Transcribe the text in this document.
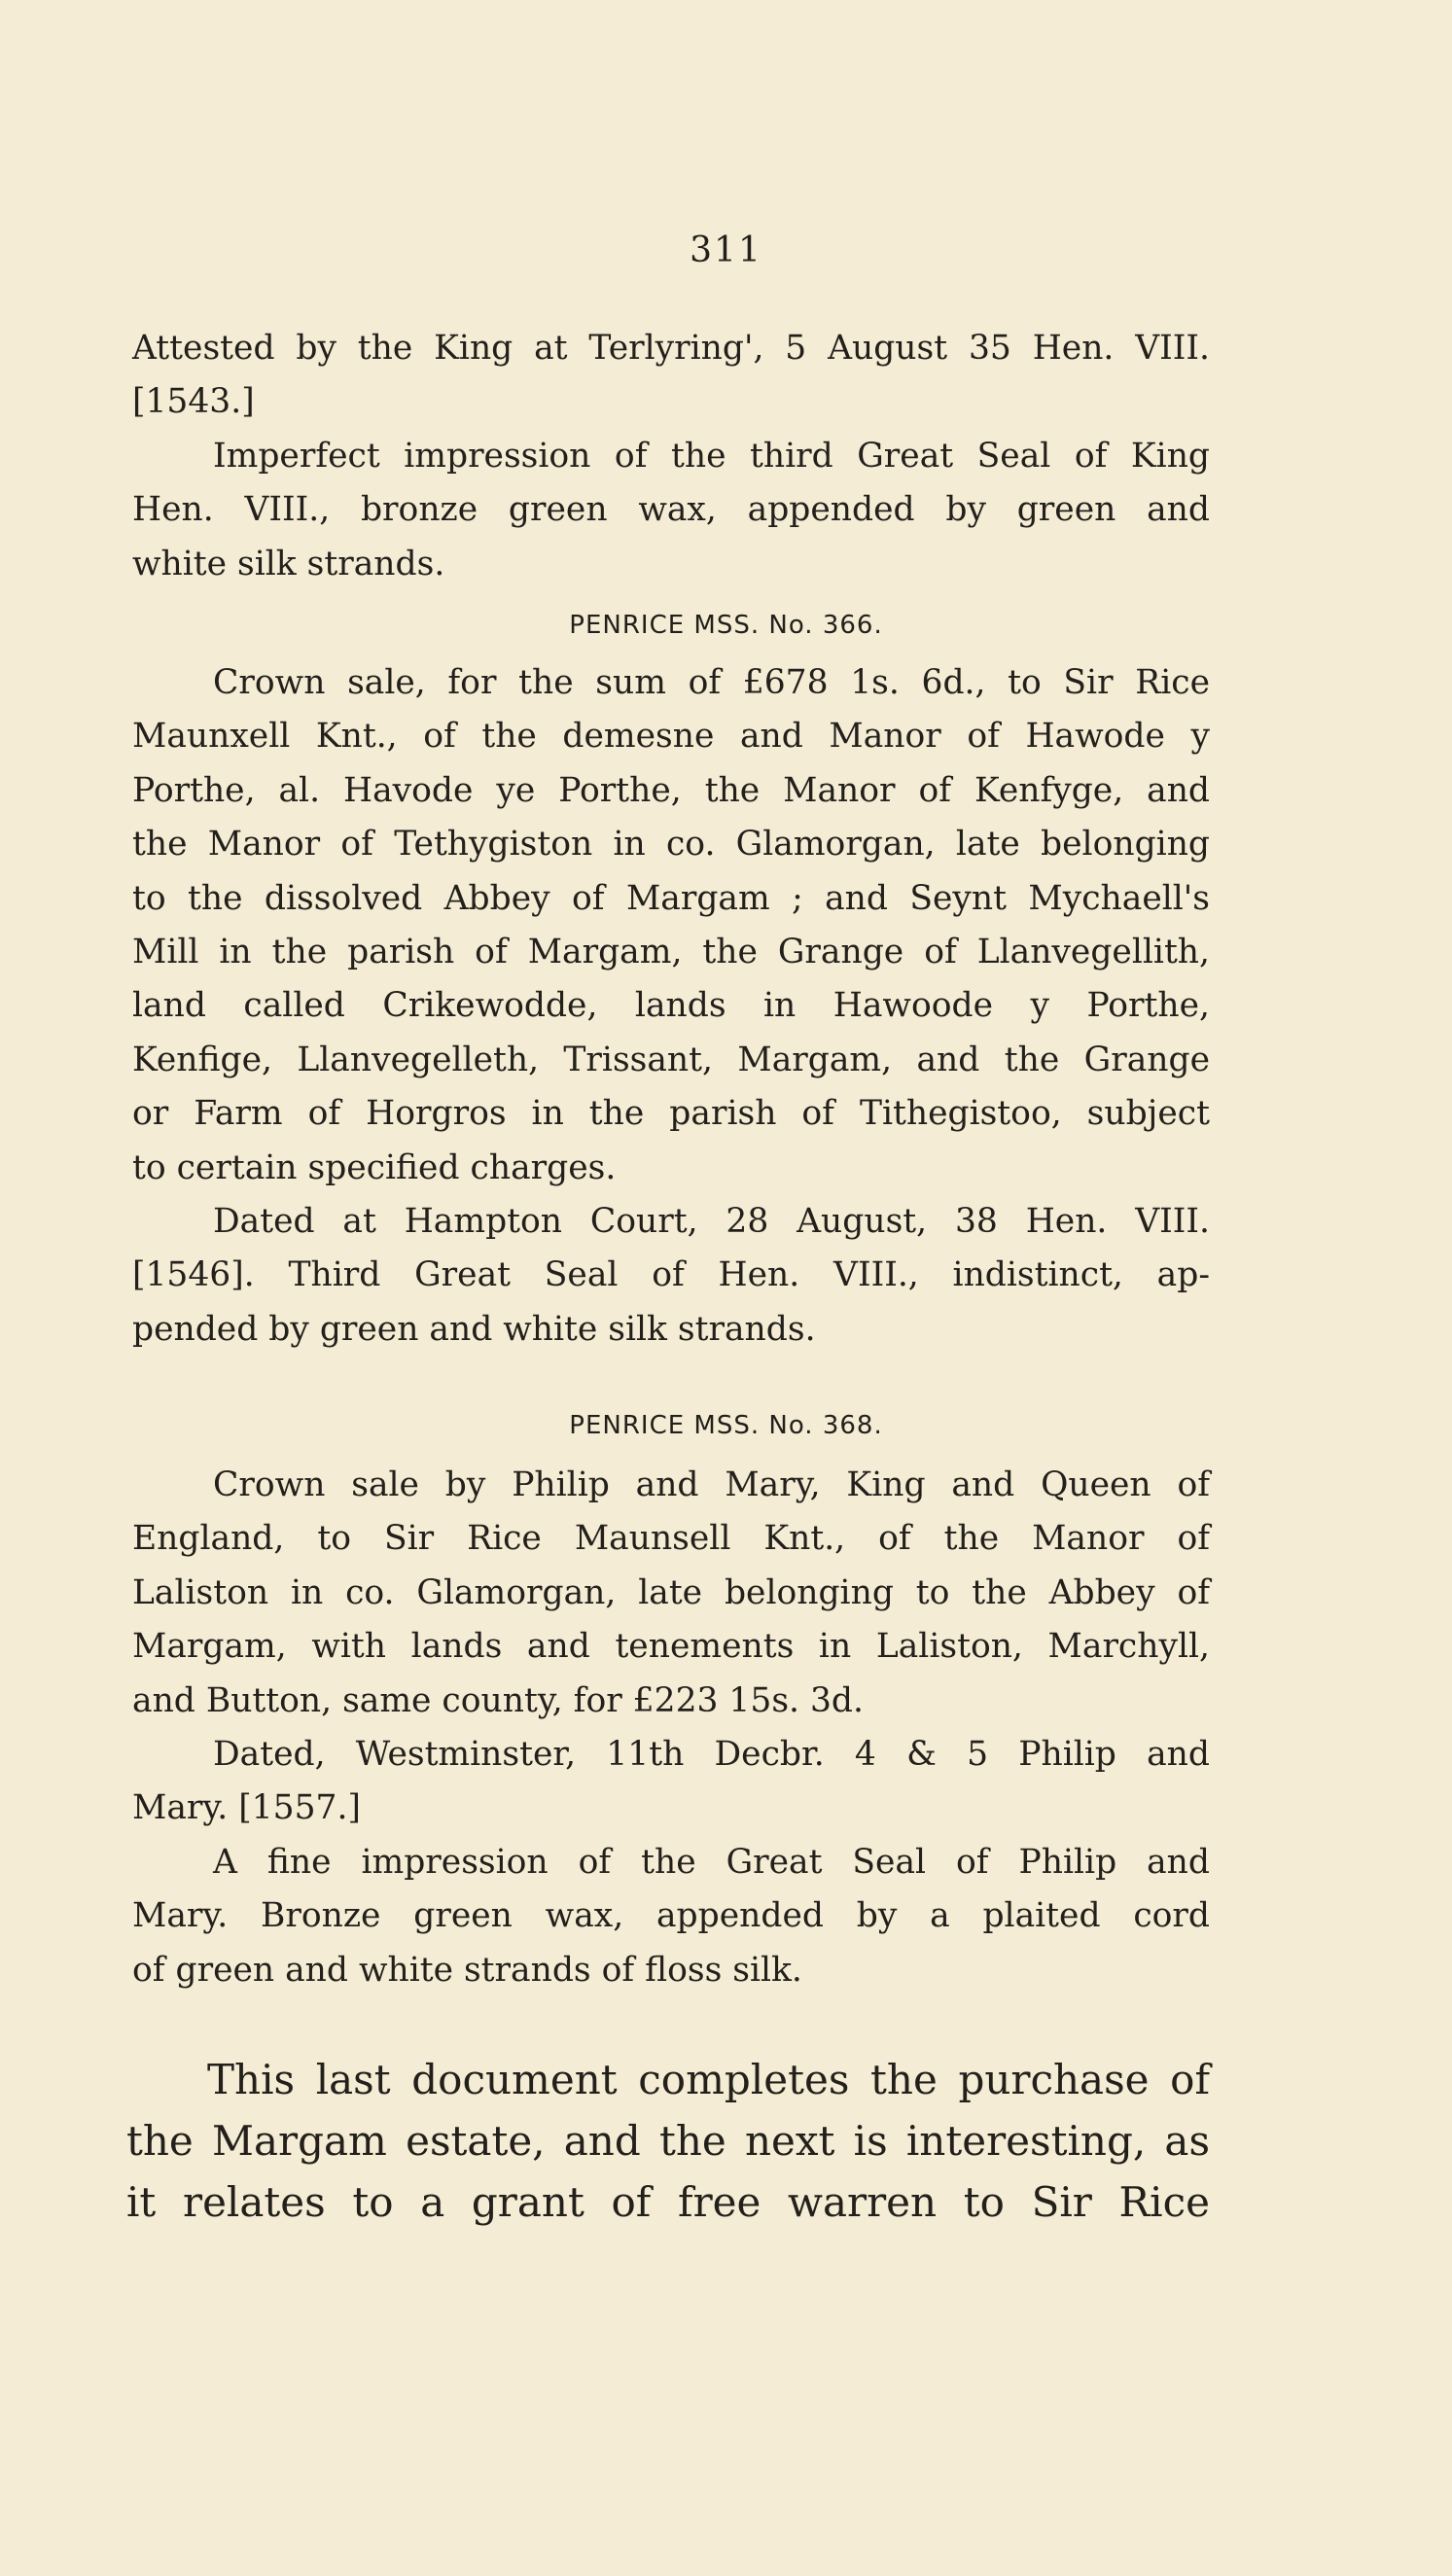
311
Attested by the King at Terlyring', 5 August 35 Hen. VIII.
[1543.]
Imperfect impression of the third Great Seal of King
Hen. VIII., bronze green wax, appended by green and
white silk strands.
PENRICE MSS. No. 366.
Crown sale, for the sum of £678 1s. 6d., to Sir Rice
Maunxell Knt., of the demesne and Manor of Hawode y
Porthe, al. Havode ye Porthe, the Manor of Kenfyge, and
the Manor of Tethygiston in co. Glamorgan, late belonging
to the dissolved Abbey of Margam ; and Seynt Mychaell's
Mill in the parish of Margam, the Grange of Llanvegellith,
land called Crikewodde, lands in Hawoode y Porthe,
Kenfige, Llanvegelleth, Trissant, Margam, and the Grange
or Farm of Horgros in the parish of Tithegistoo, subject
to certain specified charges.
Dated at Hampton Court, 28 August, 38 Hen. VIII.
[1546]. Third Great Seal of Hen. VIII., indistinct, ap-
pended by green and white silk strands.
PENRICE MSS. No. 368.
Crown sale by Philip and Mary, King and Queen of
England, to Sir Rice Maunsell Knt., of the Manor of
Laliston in co. Glamorgan, late belonging to the Abbey of
Margam, with lands and tenements in Laliston, Marchyll,
and Button, same county, for £223 15s. 3d.
Dated, Westminster, 11th Decbr. 4 & 5 Philip and
Mary. [1557.]
A fine impression of the Great Seal of Philip and
Mary. Bronze green wax, appended by a plaited cord
of green and white strands of floss silk.
This last document completes the purchase of
the Margam estate, and the next is interesting, as
it relates to a grant of free warren to Sir Rice
